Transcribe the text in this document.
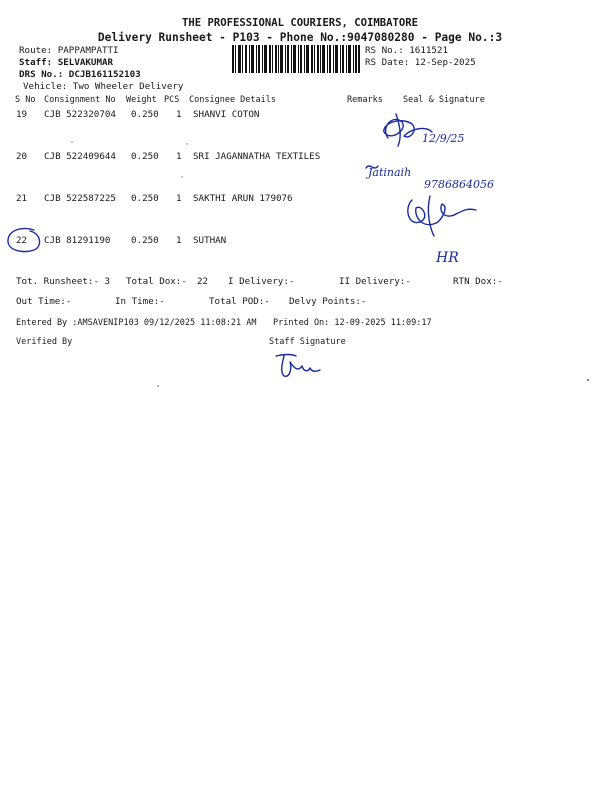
THE PROFESSIONAL COURIERS, COIMBATORE
Delivery Runsheet - P103 - Phone No.:9047080280 - Page No.:3
Route: PAPPAMPATTI
Staff: SELVAKUMAR
DRS No.: DCJB161152103
Vehicle: Two Wheeler Delivery
RS No.: 1611521
RS Date: 12-Sep-2025
S No Consignment No Weight PCS Consignee Details	Remarks Seal & Signature
19 CJB 522320704 0.250 1 SHANVI COTON
20 CJB 522409644 0.250 1 SRI JAGANNATHA TEXTILES
21 CJB 522587225 0.250 1 SAKTHI ARUN 179076
22 CJB 81291190 0.250 1 SUTHAN
12/9/25
Jatinaih
9786864056
HR
Tot. Runsheet:- 3 Total Dox:- 22 I Delivery:-	II Delivery:-	RTN Dox:-
Out Time:-	In Time:-	Total POD:- Delvy Points:-
Entered By :AMSAVENIP103 09/12/2025 11:08:21 AM Printed On: 12-09-2025 11:09:17
Verified By	Staff Signature
